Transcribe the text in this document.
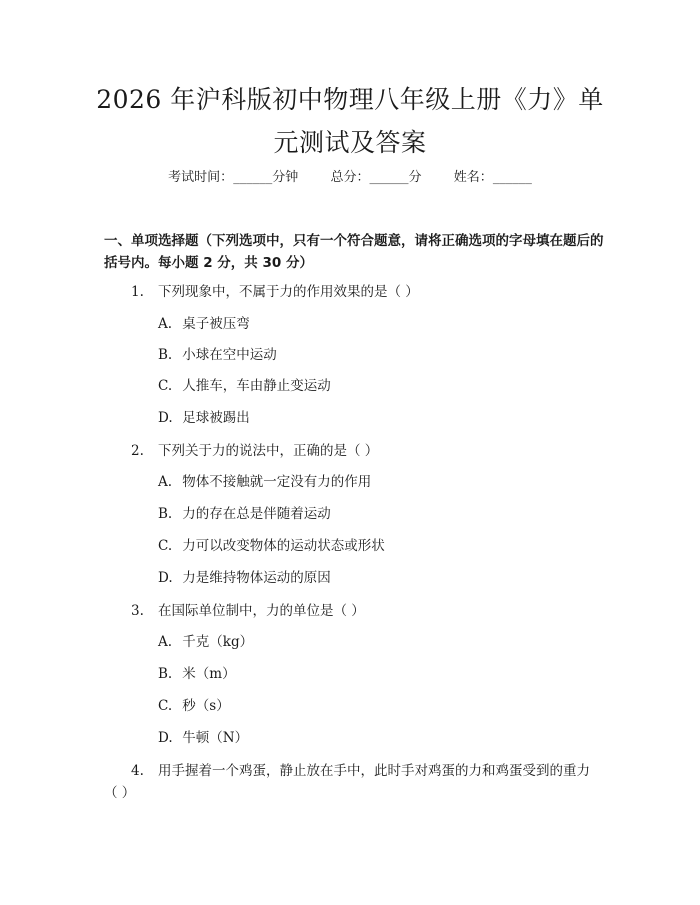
2026 年沪科版初中物理八年级上册《力》单
元测试及答案
考试时间：______分钟 总分：______分 姓名：______
一、单项选择题（下列选项中，只有一个符合题意，请将正确选项的字母填在题后的括号内。每小题 2 分，共 30 分）
1. 下列现象中，不属于力的作用效果的是（ ）
A. 桌子被压弯
B. 小球在空中运动
C. 人推车，车由静止变运动
D. 足球被踢出
2. 下列关于力的说法中，正确的是（ ）
A. 物体不接触就一定没有力的作用
B. 力的存在总是伴随着运动
C. 力可以改变物体的运动状态或形状
D. 力是维持物体运动的原因
3. 在国际单位制中，力的单位是（ ）
A. 千克（kg）
B. 米（m）
C. 秒（s）
D. 牛顿（N）
4. 用手握着一个鸡蛋，静止放在手中，此时手对鸡蛋的力和鸡蛋受到的重力
（ ）
